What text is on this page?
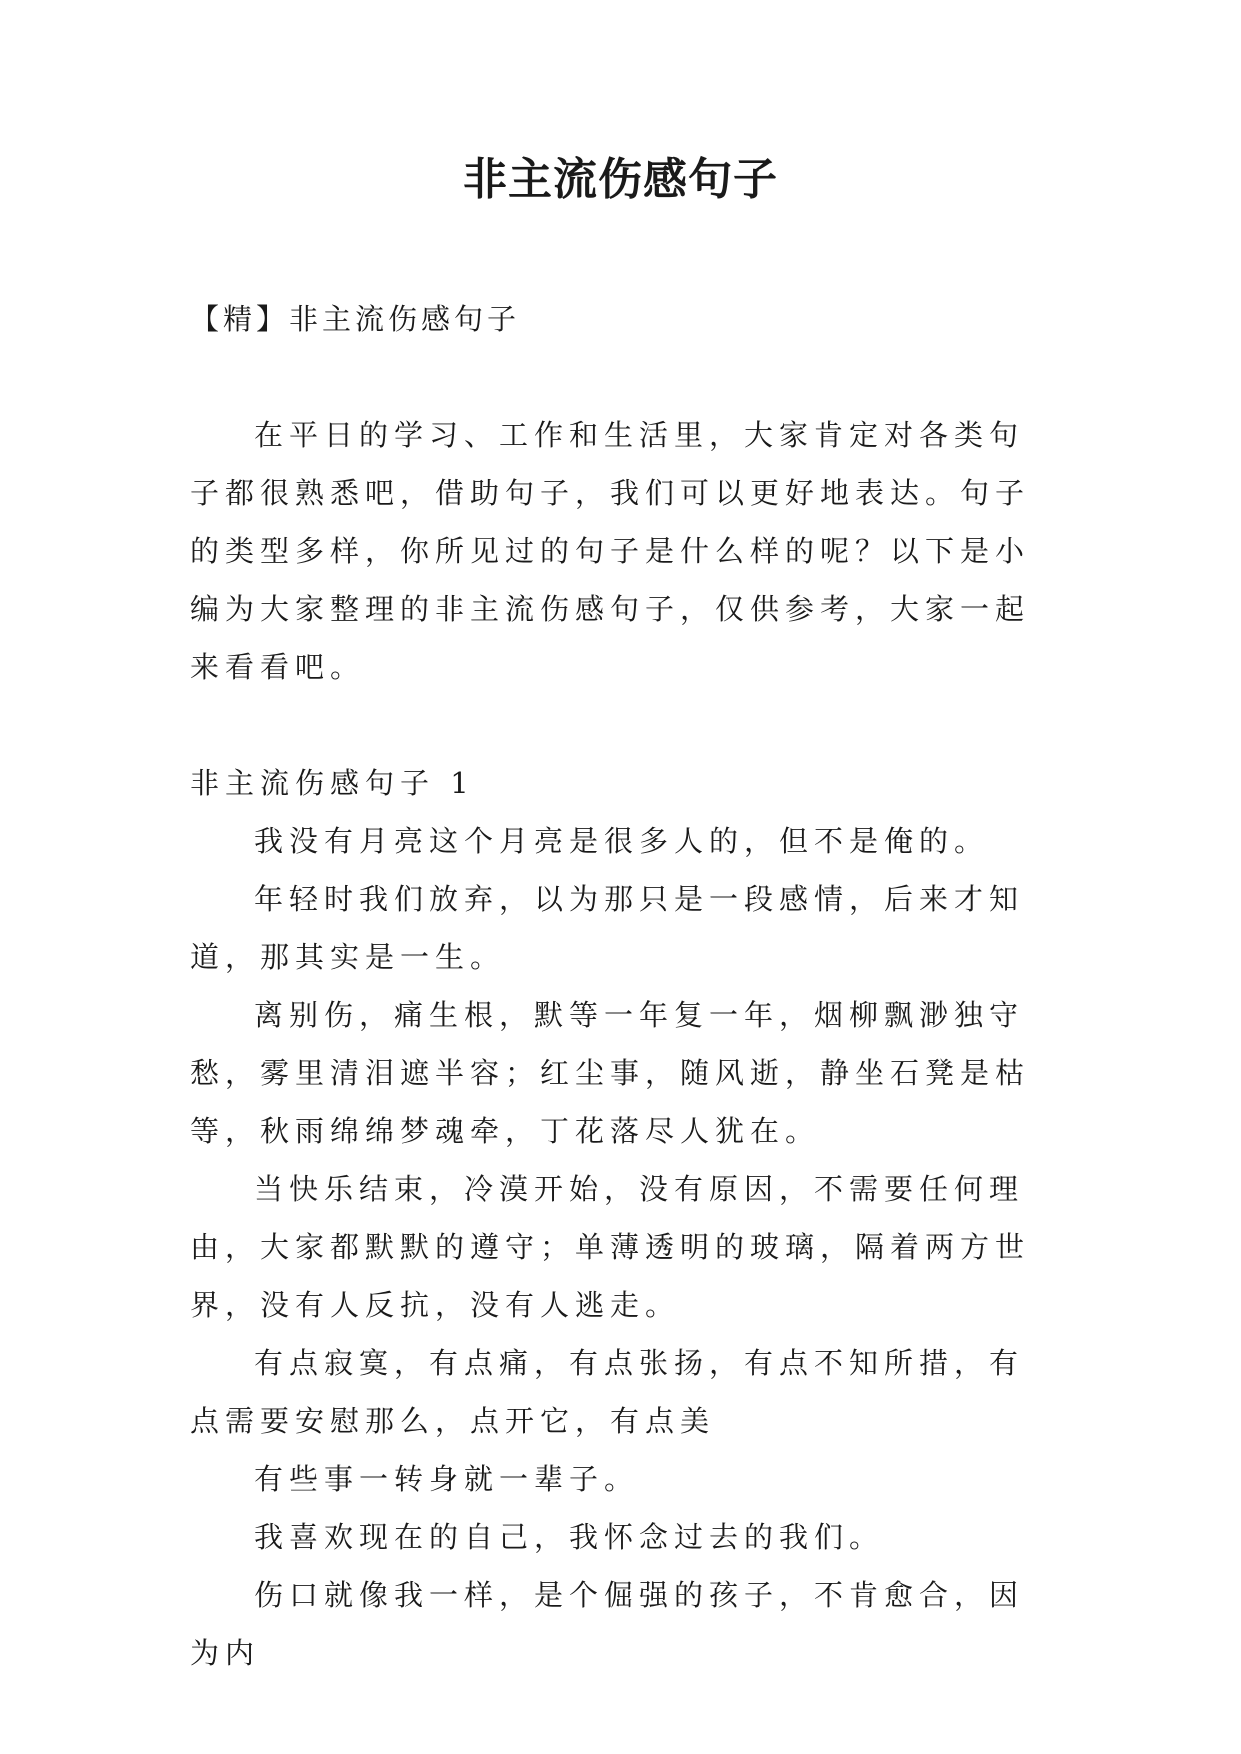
非主流伤感句子

【精】非主流伤感句子

在平日的学习、工作和生活里，大家肯定对各类句子都很熟悉吧，借助句子，我们可以更好地表达。句子的类型多样，你所见过的句子是什么样的呢？以下是小编为大家整理的非主流伤感句子，仅供参考，大家一起来看看吧。

非主流伤感句子 1

我没有月亮这个月亮是很多人的，但不是俺的。

年轻时我们放弃，以为那只是一段感情，后来才知道，那其实是一生。

离别伤，痛生根，默等一年复一年，烟柳飘渺独守愁，雾里清泪遮半容；红尘事，随风逝，静坐石凳是枯等，秋雨绵绵梦魂牵，丁花落尽人犹在。

当快乐结束，冷漠开始，没有原因，不需要任何理由，大家都默默的遵守；单薄透明的玻璃，隔着两方世界，没有人反抗，没有人逃走。

有点寂寞，有点痛，有点张扬，有点不知所措，有点需要安慰那么，点开它，有点美

有些事一转身就一辈子。

我喜欢现在的自己，我怀念过去的我们。

伤口就像我一样，是个倔强的孩子，不肯愈合，因为内
